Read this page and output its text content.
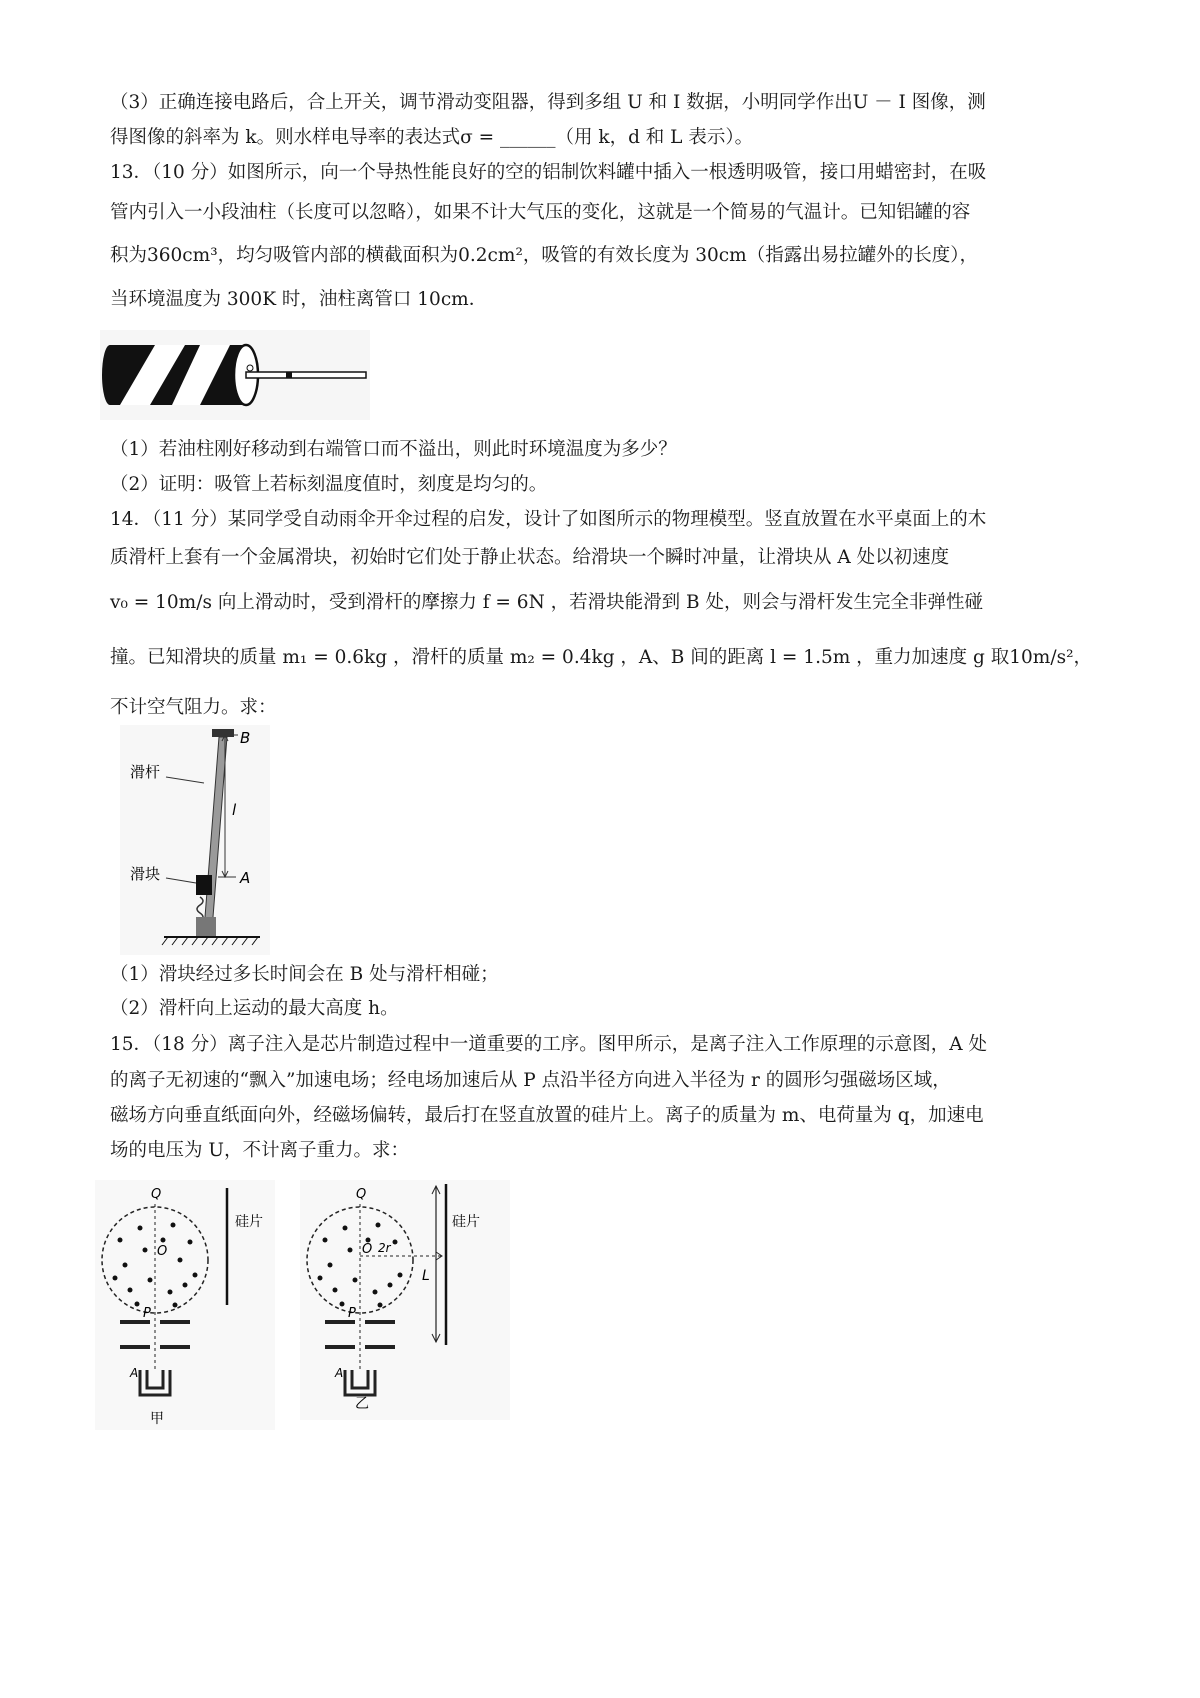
（3）正确连接电路后，合上开关，调节滑动变阻器，得到多组 U 和 I 数据，小明同学作出U － I 图像，测
得图像的斜率为 k。则水样电导率的表达式σ = ______（用 k，d 和 L 表示）。
13．（10 分）如图所示，向一个导热性能良好的空的铝制饮料罐中插入一根透明吸管，接口用蜡密封，在吸
管内引入一小段油柱（长度可以忽略），如果不计大气压的变化，这就是一个简易的气温计。已知铝罐的容
积为360cm³，均匀吸管内部的横截面积为0.2cm²，吸管的有效长度为 30cm（指露出易拉罐外的长度），
当环境温度为 300K 时，油柱离管口 10cm．
（1）若油柱刚好移动到右端管口而不溢出，则此时环境温度为多少？
（2）证明：吸管上若标刻温度值时，刻度是均匀的。
14．（11 分）某同学受自动雨伞开伞过程的启发，设计了如图所示的物理模型。竖直放置在水平桌面上的木
质滑杆上套有一个金属滑块，初始时它们处于静止状态。给滑块一个瞬时冲量，让滑块从 A 处以初速度
v₀ = 10m/s 向上滑动时，受到滑杆的摩擦力 f = 6N ，若滑块能滑到 B 处，则会与滑杆发生完全非弹性碰
撞。已知滑块的质量 m₁ = 0.6kg ，滑杆的质量 m₂ = 0.4kg ，A、B 间的距离 l = 1.5m ，重力加速度 g 取10m/s²，
不计空气阻力。求：
滑杆
滑块
B
A
l
（1）滑块经过多长时间会在 B 处与滑杆相碰；
（2）滑杆向上运动的最大高度 h。
15．（18 分）离子注入是芯片制造过程中一道重要的工序。图甲所示，是离子注入工作原理的示意图，A 处
的离子无初速的“飘入”加速电场；经电场加速后从 P 点沿半径方向进入半径为 r 的圆形匀强磁场区域，
磁场方向垂直纸面向外，经磁场偏转，最后打在竖直放置的硅片上。离子的质量为 m、电荷量为 q，加速电
场的电压为 U，不计离子重力。求：
Q
O
P
A
硅片
甲
Q
O 2r
P
A
硅片
L
乙
